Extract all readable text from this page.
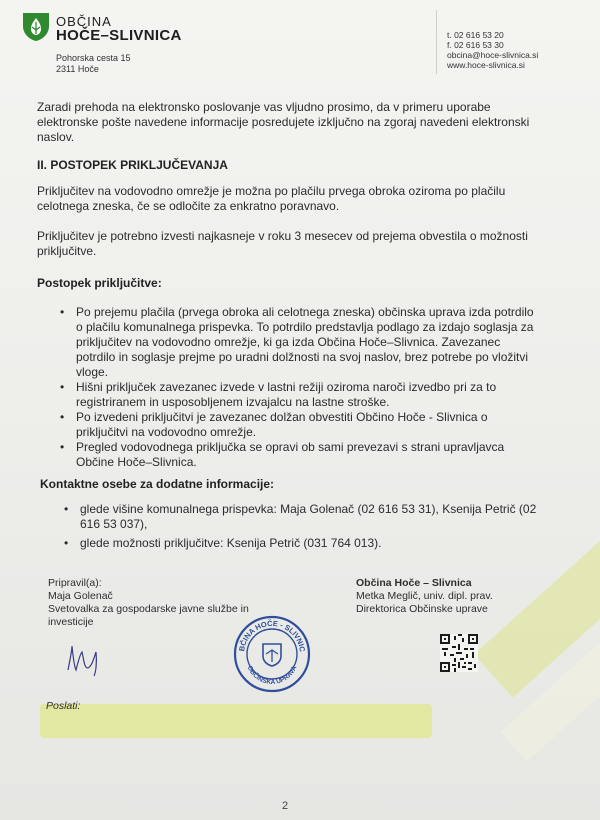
OBČINA
HOČE–SLIVNICA
Pohorska cesta 15
2311 Hoče
t. 02 616 53 20
f. 02 616 53 30
obcina@hoce-slivnica.si
www.hoce-slivnica.si
Zaradi prehoda na elektronsko poslovanje vas vljudno prosimo, da v primeru uporabe elektronske pošte navedene informacije posredujete izključno na zgoraj navedeni elektronski naslov.
II. POSTOPEK PRIKLJUČEVANJA
Priključitev na vodovodno omrežje je možna po plačilu prvega obroka oziroma po plačilu celotnega zneska, če se odločite za enkratno poravnavo.
Priključitev je potrebno izvesti najkasneje v roku 3 mesecev od prejema obvestila o možnosti priključitve.
Postopek priključitve:
• Po prejemu plačila (prvega obroka ali celotnega zneska) občinska uprava izda potrdilo o plačilu komunalnega prispevka. To potrdilo predstavlja podlago za izdajo soglasja za priključitev na vodovodno omrežje, ki ga izda Občina Hoče–Slivnica. Zavezanec potrdilo in soglasje prejme po uradni dolžnosti na svoj naslov, brez potrebe po vložitvi vloge.
• Hišni priključek zavezanec izvede v lastni režiji oziroma naroči izvedbo pri za to registriranem in usposobljenem izvajalcu na lastne stroške.
• Po izvedeni priključitvi je zavezanec dolžan obvestiti Občino Hoče - Slivnica o priključitvi na vodovodno omrežje.
• Pregled vodovodnega priključka se opravi ob sami prevezavi s strani upravljavca Občine Hoče–Slivnica.
Kontaktne osebe za dodatne informacije:
• glede višine komunalnega prispevka: Maja Golenač (02 616 53 31), Ksenija Petrič (02 616 53 037),
• glede možnosti priključitve: Ksenija Petrič (031 764 013).
Pripravil(a):
Maja Golenač
Svetovalka za gospodarske javne službe in
investicije
BČINA HOČE - SLIVNIC
OBČINSKA UPRAVA
Občina Hoče – Slivnica
Metka Meglič, univ. dipl. prav.
Direktorica Občinske uprave
Poslati:
2
